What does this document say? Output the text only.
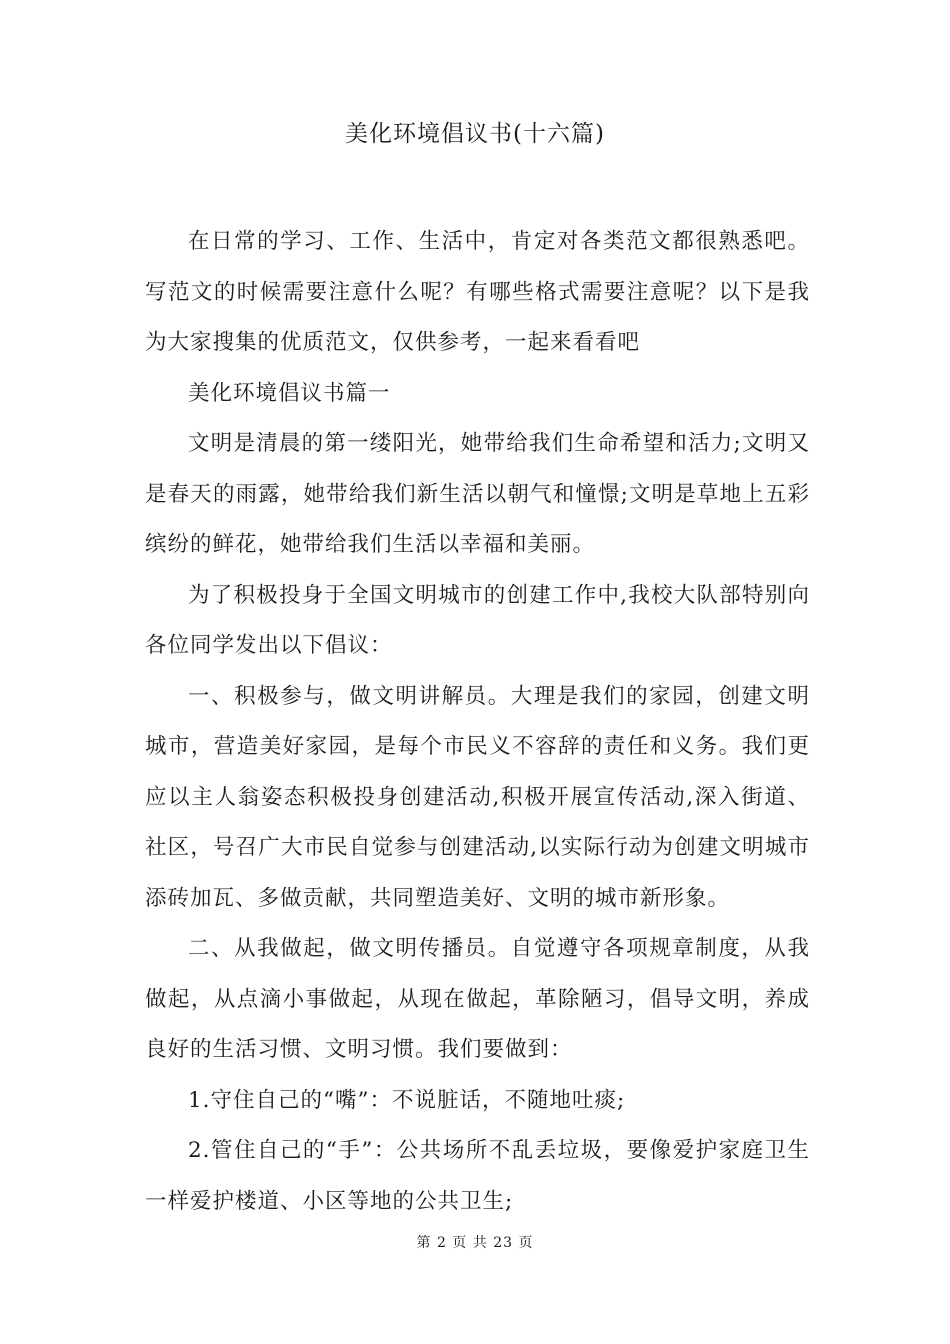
美化环境倡议书(十六篇)

在日常的学习、工作、生活中，肯定对各类范文都很熟悉吧。写范文的时候需要注意什么呢？有哪些格式需要注意呢？以下是我为大家搜集的优质范文，仅供参考，一起来看看吧

美化环境倡议书篇一

文明是清晨的第一缕阳光，她带给我们生命希望和活力;文明又是春天的雨露，她带给我们新生活以朝气和憧憬;文明是草地上五彩缤纷的鲜花，她带给我们生活以幸福和美丽。

为了积极投身于全国文明城市的创建工作中,我校大队部特别向各位同学发出以下倡议：

一、积极参与，做文明讲解员。大理是我们的家园，创建文明城市，营造美好家园，是每个市民义不容辞的责任和义务。我们更应以主人翁姿态积极投身创建活动,积极开展宣传活动,深入街道、社区，号召广大市民自觉参与创建活动,以实际行动为创建文明城市添砖加瓦、多做贡献，共同塑造美好、文明的城市新形象。

二、从我做起，做文明传播员。自觉遵守各项规章制度，从我做起，从点滴小事做起，从现在做起，革除陋习，倡导文明，养成良好的生活习惯、文明习惯。我们要做到：

1.守住自己的“嘴”：不说脏话，不随地吐痰;

2.管住自己的“手”：公共场所不乱丢垃圾，要像爱护家庭卫生一样爱护楼道、小区等地的公共卫生;

第 2 页 共 23 页
